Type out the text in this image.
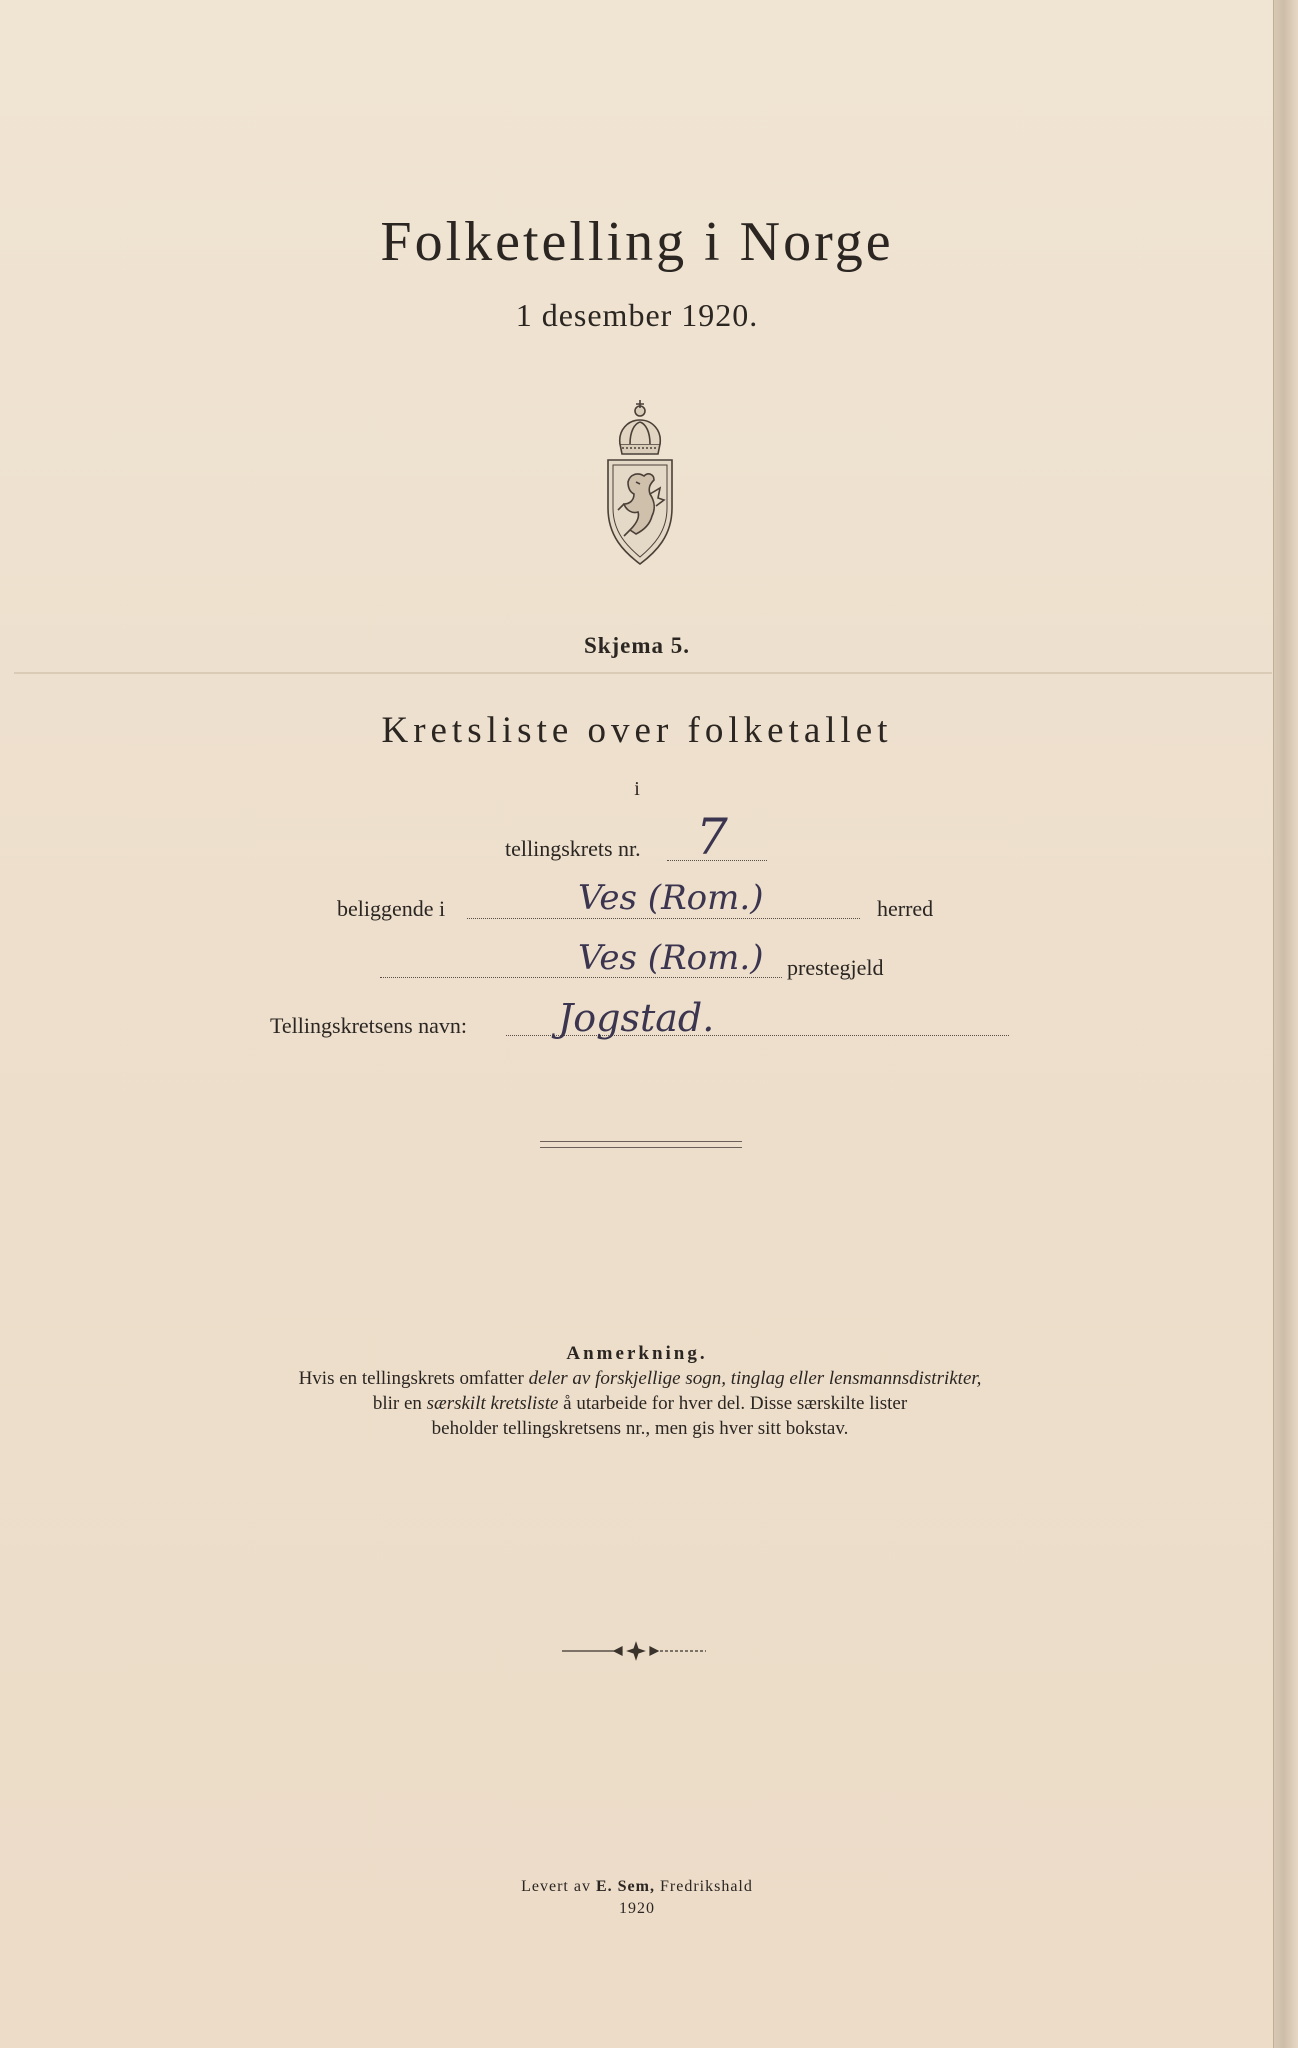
Folketelling i Norge
1 desember 1920.
Skjema 5.
Kretsliste over folketallet
i
tellingskrets nr. 7
beliggende i	Ves (Rom.)	herred
Ves (Rom.) prestegjeld
Tellingskretsens navn: Jogstad.
Anmerkning.
Hvis en tellingskrets omfatter deler av forskjellige sogn, tinglag eller lensmannsdistrikter,
blir en særskilt kretsliste å utarbeide for hver del. Disse særskilte lister
beholder tellingskretsens nr., men gis hver sitt bokstav.
Levert av E. Sem, Fredrikshald
1920
